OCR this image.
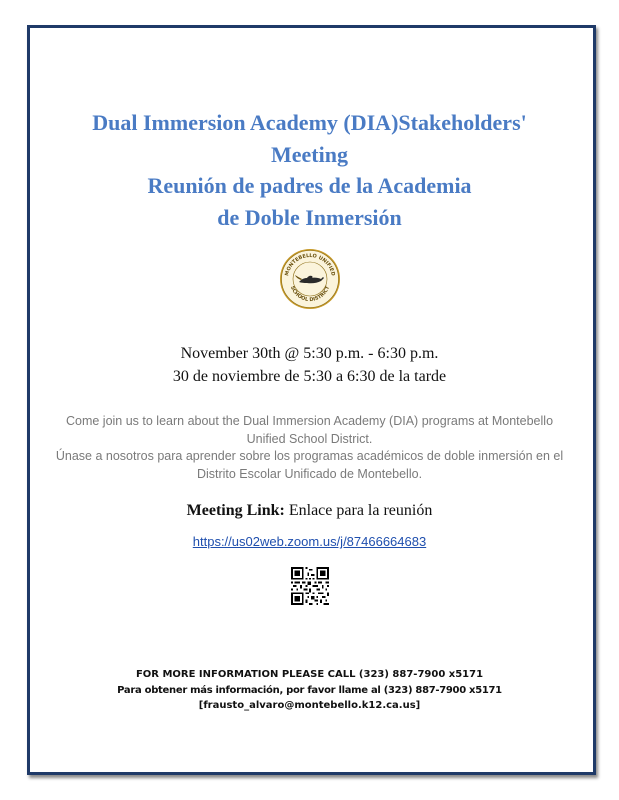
Dual Immersion Academy (DIA)Stakeholders'
Meeting
Reunión de padres de la Academia
de Doble Inmersión
MONTEBELLO UNIFIED
SCHOOL DISTRICT
November 30th @ 5:30 p.m. - 6:30 p.m.
30 de noviembre de 5:30 a 6:30 de la tarde
Come join us to learn about the Dual Immersion Academy (DIA) programs at Montebello
Unified School District.
Únase a nosotros para aprender sobre los programas académicos de doble inmersión en el
Distrito Escolar Unificado de Montebello.
Meeting Link: Enlace para la reunión
https://us02web.zoom.us/j/87466664683
FOR MORE INFORMATION PLEASE CALL (323) 887-7900 x5171
Para obtener más información, por favor llame al (323) 887-7900 x5171
[frausto_alvaro@montebello.k12.ca.us]
